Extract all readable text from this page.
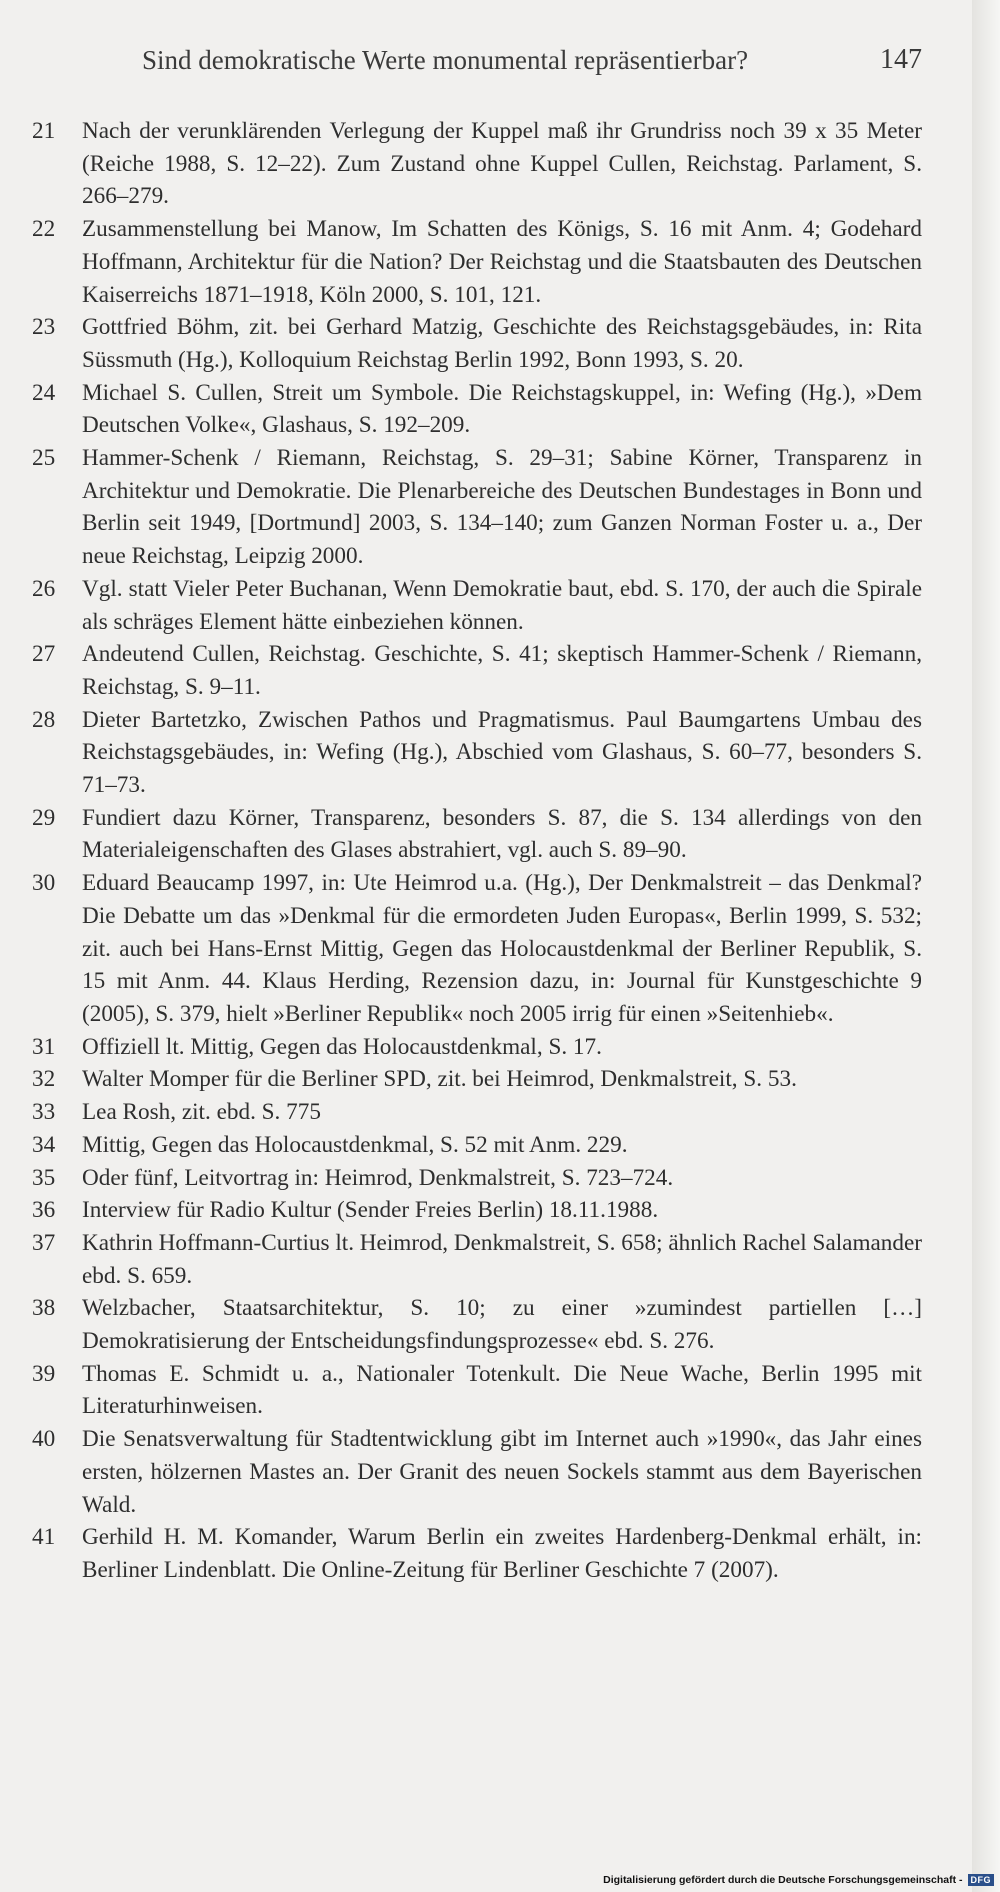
Sind demokratische Werte monumental repräsentierbar?	147
21 Nach der verunklärenden Verlegung der Kuppel maß ihr Grundriss noch 39 x 35 Meter (Reiche 1988, S. 12–22). Zum Zustand ohne Kuppel Cullen, Reichstag. Parlament, S. 266–279.
22 Zusammenstellung bei Manow, Im Schatten des Königs, S. 16 mit Anm. 4; Godehard Hoffmann, Architektur für die Nation? Der Reichstag und die Staatsbauten des Deutschen Kaiserreichs 1871–1918, Köln 2000, S. 101, 121.
23 Gottfried Böhm, zit. bei Gerhard Matzig, Geschichte des Reichstagsgebäudes, in: Rita Süssmuth (Hg.), Kolloquium Reichstag Berlin 1992, Bonn 1993, S. 20.
24 Michael S. Cullen, Streit um Symbole. Die Reichstagskuppel, in: Wefing (Hg.), »Dem Deutschen Volke«, Glashaus, S. 192–209.
25 Hammer-Schenk / Riemann, Reichstag, S. 29–31; Sabine Körner, Transparenz in Architektur und Demokratie. Die Plenarbereiche des Deutschen Bundestages in Bonn und Berlin seit 1949, [Dortmund] 2003, S. 134–140; zum Ganzen Norman Foster u. a., Der neue Reichstag, Leipzig 2000.
26 Vgl. statt Vieler Peter Buchanan, Wenn Demokratie baut, ebd. S. 170, der auch die Spirale als schräges Element hätte einbeziehen können.
27 Andeutend Cullen, Reichstag. Geschichte, S. 41; skeptisch Hammer-Schenk / Riemann, Reichstag, S. 9–11.
28 Dieter Bartetzko, Zwischen Pathos und Pragmatismus. Paul Baumgartens Umbau des Reichstagsgebäudes, in: Wefing (Hg.), Abschied vom Glashaus, S. 60–77, besonders S. 71–73.
29 Fundiert dazu Körner, Transparenz, besonders S. 87, die S. 134 allerdings von den Materialeigenschaften des Glases abstrahiert, vgl. auch S. 89–90.
30 Eduard Beaucamp 1997, in: Ute Heimrod u.a. (Hg.), Der Denkmalstreit – das Denkmal? Die Debatte um das »Denkmal für die ermordeten Juden Europas«, Berlin 1999, S. 532; zit. auch bei Hans-Ernst Mittig, Gegen das Holocaustdenkmal der Berliner Republik, S. 15 mit Anm. 44. Klaus Herding, Rezension dazu, in: Journal für Kunstgeschichte 9 (2005), S. 379, hielt »Berliner Republik« noch 2005 irrig für einen »Seitenhieb«.
31 Offiziell lt. Mittig, Gegen das Holocaustdenkmal, S. 17.
32 Walter Momper für die Berliner SPD, zit. bei Heimrod, Denkmalstreit, S. 53.
33 Lea Rosh, zit. ebd. S. 775
34 Mittig, Gegen das Holocaustdenkmal, S. 52 mit Anm. 229.
35 Oder fünf, Leitvortrag in: Heimrod, Denkmalstreit, S. 723–724.
36 Interview für Radio Kultur (Sender Freies Berlin) 18.11.1988.
37 Kathrin Hoffmann-Curtius lt. Heimrod, Denkmalstreit, S. 658; ähnlich Rachel Salamander ebd. S. 659.
38 Welzbacher, Staatsarchitektur, S. 10; zu einer »zumindest partiellen […] Demokratisierung der Entscheidungsfindungsprozesse« ebd. S. 276.
39 Thomas E. Schmidt u. a., Nationaler Totenkult. Die Neue Wache, Berlin 1995 mit Literaturhinweisen.
40 Die Senatsverwaltung für Stadtentwicklung gibt im Internet auch »1990«, das Jahr eines ersten, hölzernen Mastes an. Der Granit des neuen Sockels stammt aus dem Bayerischen Wald.
41 Gerhild H. M. Komander, Warum Berlin ein zweites Hardenberg-Denkmal erhält, in: Berliner Lindenblatt. Die Online-Zeitung für Berliner Geschichte 7 (2007).
Digitalisierung gefördert durch die Deutsche Forschungsgemeinschaft - DFG
